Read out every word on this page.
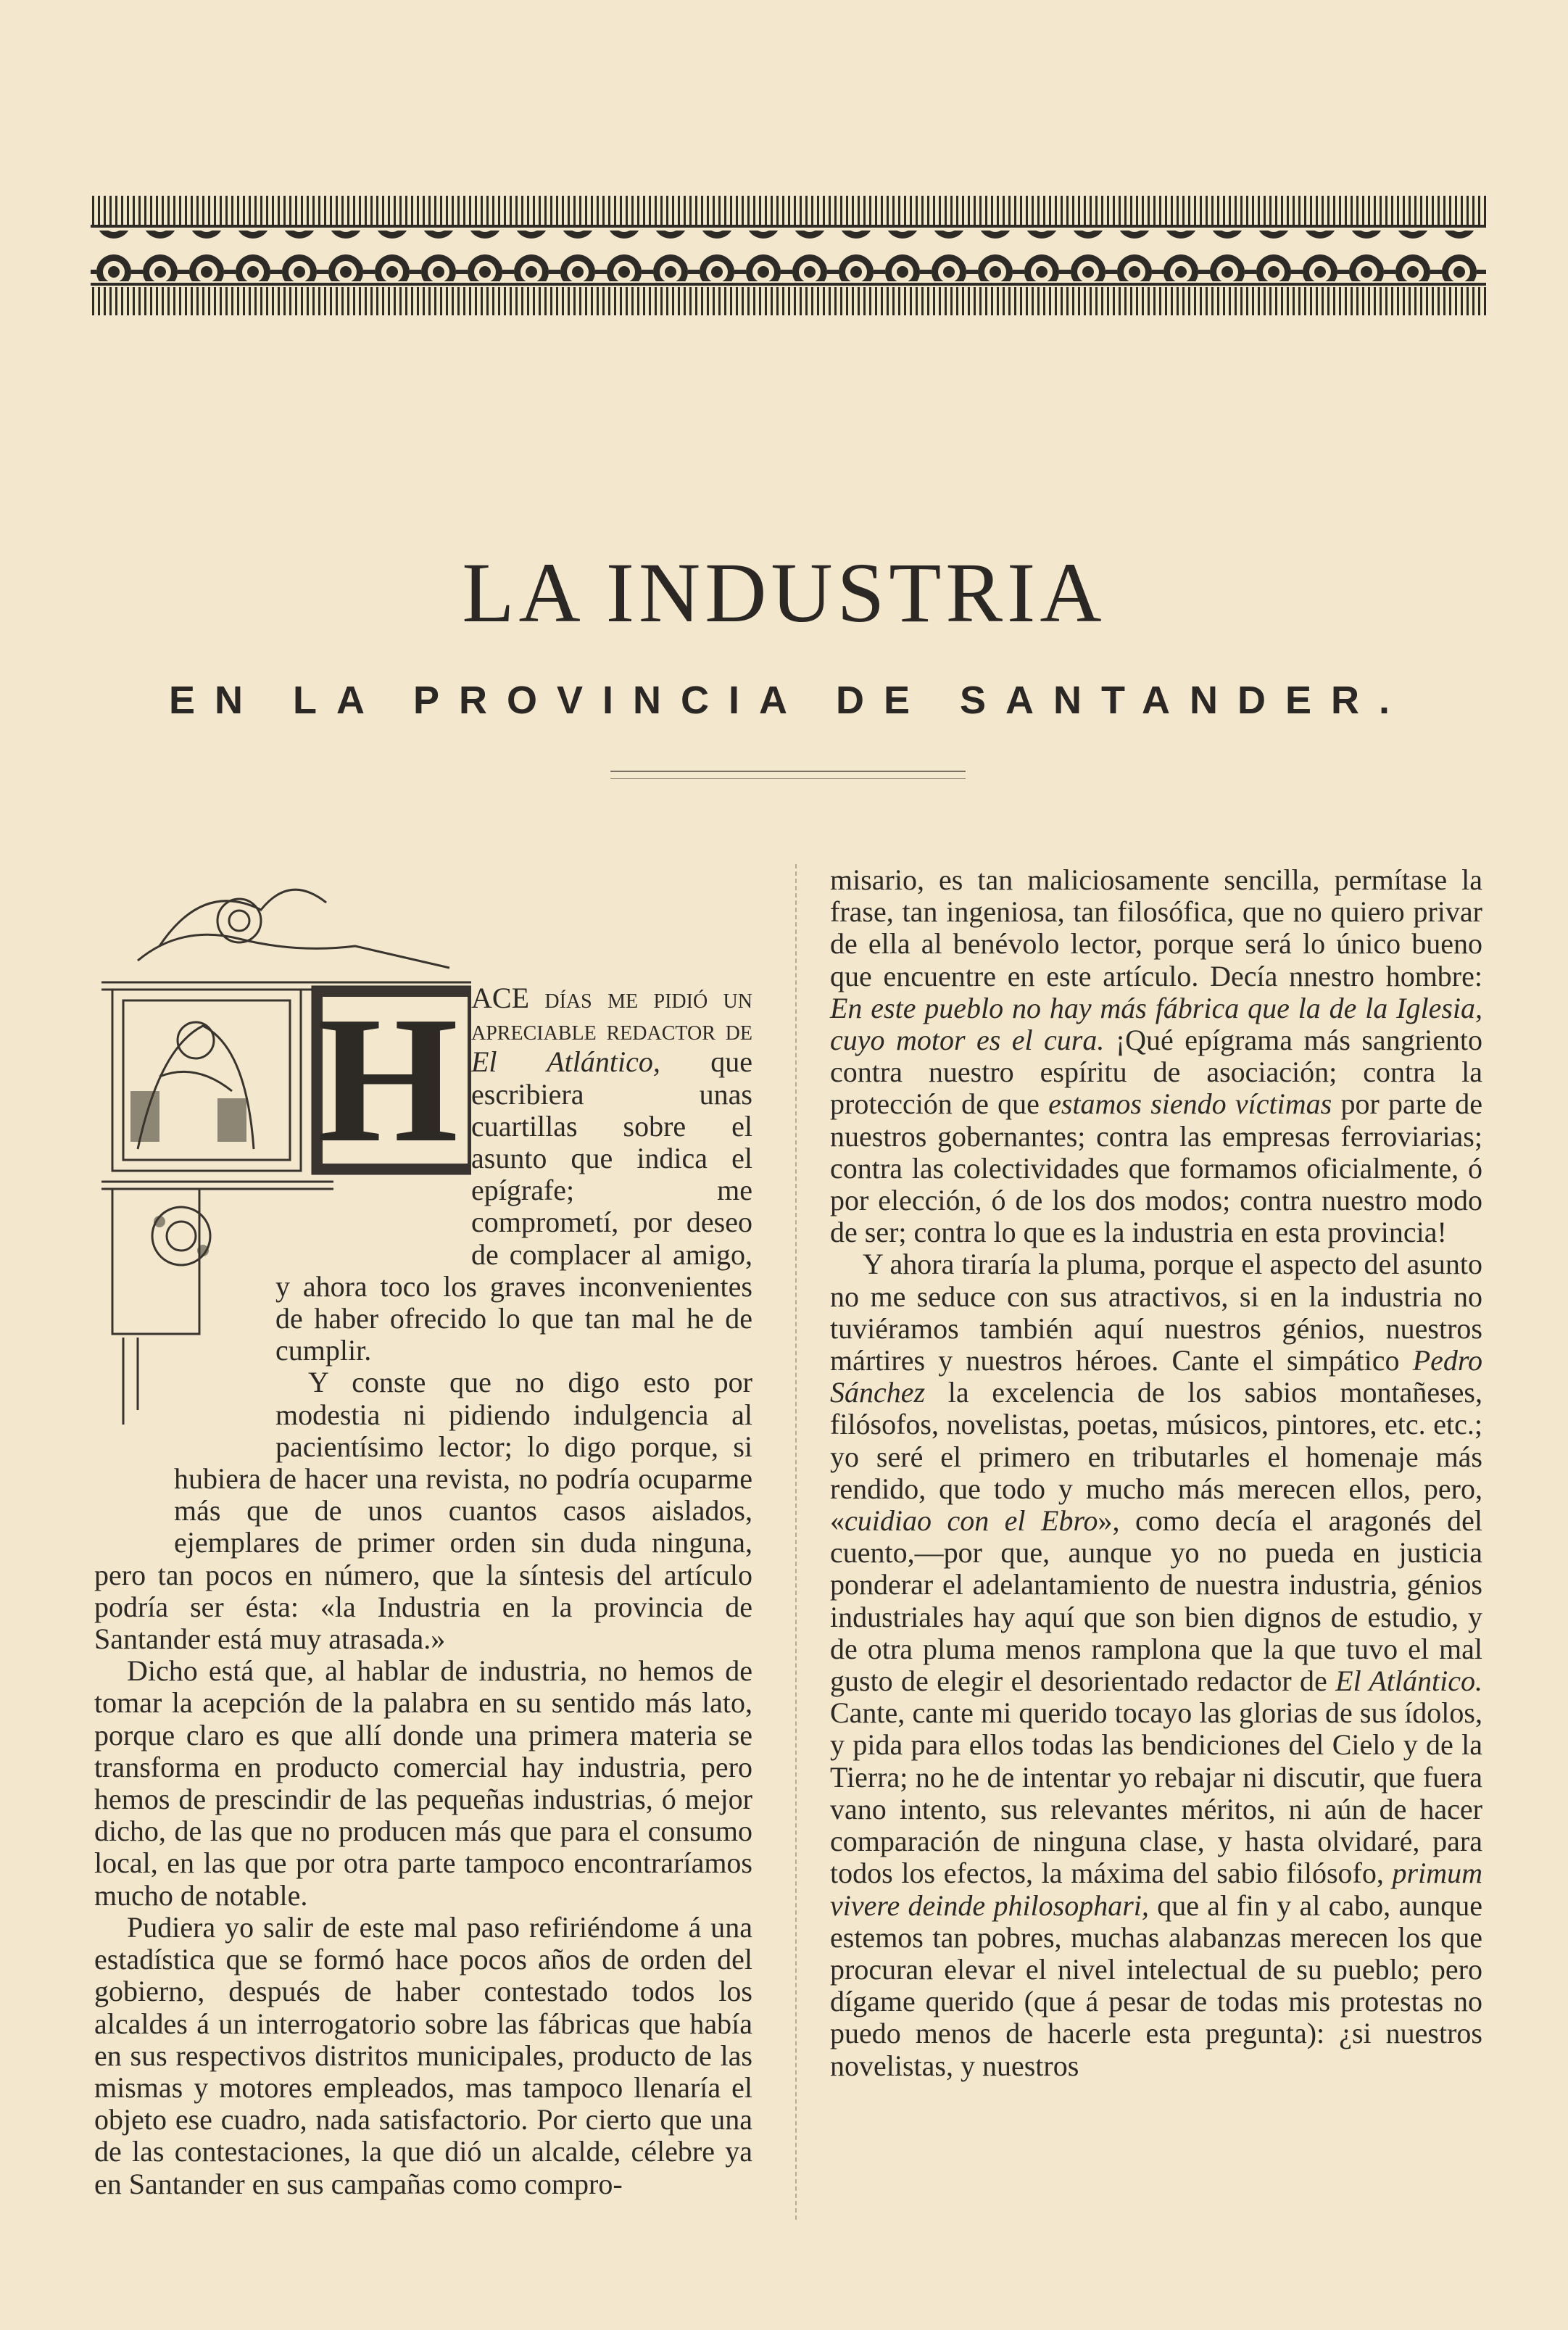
LA INDUSTRIA
EN LA PROVINCIA DE SANTANDER.
H ACE días me pidió un apreciable redactor de El Atlántico, que escribiera unas cuartillas sobre el asunto que indica el epígrafe; me comprometí, por deseo de complacer al amigo, y ahora toco los graves inconvenientes de haber ofrecido lo que tan mal he de cumplir.

Y conste que no digo esto por modestia ni pidiendo indulgencia al pacientísimo lector; lo digo porque, si hubiera de hacer una revista, no podría ocuparme más que de unos cuantos casos aislados, ejemplares de primer orden sin duda ninguna, pero tan pocos en número, que la síntesis del artículo podría ser ésta: «la Industria en la provincia de Santander está muy atrasada.»

Dicho está que, al hablar de industria, no hemos de tomar la acepción de la palabra en su sentido más lato, porque claro es que allí donde una primera materia se transforma en producto comercial hay industria, pero hemos de prescindir de las pequeñas industrias, ó mejor dicho, de las que no producen más que para el consumo local, en las que por otra parte tampoco encontraríamos mucho de notable.

Pudiera yo salir de este mal paso refiriéndome á una estadística que se formó hace pocos años de orden del gobierno, después de haber contestado todos los alcaldes á un interrogatorio sobre las fábricas que había en sus respectivos distritos municipales, producto de las mismas y motores empleados, mas tampoco llenaría el objeto ese cuadro, nada satisfactorio. Por cierto que una de las contestaciones, la que dió un alcalde, célebre ya en Santander en sus campañas como compro-

misario, es tan maliciosamente sencilla, permítase la frase, tan ingeniosa, tan filosófica, que no quiero privar de ella al benévolo lector, porque será lo único bueno que encuentre en este artículo. Decía nnestro hombre: En este pueblo no hay más fábrica que la de la Iglesia, cuyo motor es el cura. ¡Qué epígrama más sangriento contra nuestro espíritu de asociación; contra la protección de que estamos siendo víctimas por parte de nuestros gobernantes; contra las empresas ferroviarias; contra las colectividades que formamos oficialmente, ó por elección, ó de los dos modos; contra nuestro modo de ser; contra lo que es la industria en esta provincia!

Y ahora tiraría la pluma, porque el aspecto del asunto no me seduce con sus atractivos, si en la industria no tuviéramos también aquí nuestros génios, nuestros mártires y nuestros héroes. Cante el simpático Pedro Sánchez la excelencia de los sabios montañeses, filósofos, novelistas, poetas, músicos, pintores, etc. etc.; yo seré el primero en tributarles el homenaje más rendido, que todo y mucho más merecen ellos, pero, «cuidiao con el Ebro», como decía el aragonés del cuento,—por que, aunque yo no pueda en justicia ponderar el adelantamiento de nuestra industria, génios industriales hay aquí que son bien dignos de estudio, y de otra pluma menos ramplona que la que tuvo el mal gusto de elegir el desorientado redactor de El Atlántico. Cante, cante mi querido tocayo las glorias de sus ídolos, y pida para ellos todas las bendiciones del Cielo y de la Tierra; no he de intentar yo rebajar ni discutir, que fuera vano intento, sus relevantes méritos, ni aún de hacer comparación de ninguna clase, y hasta olvidaré, para todos los efectos, la máxima del sabio filósofo, primum vivere deinde philosophari, que al fin y al cabo, aunque estemos tan pobres, muchas alabanzas merecen los que procuran elevar el nivel intelectual de su pueblo; pero dígame querido (que á pesar de todas mis protestas no puedo menos de hacerle esta pregunta): ¿si nuestros novelistas, y nuestros
